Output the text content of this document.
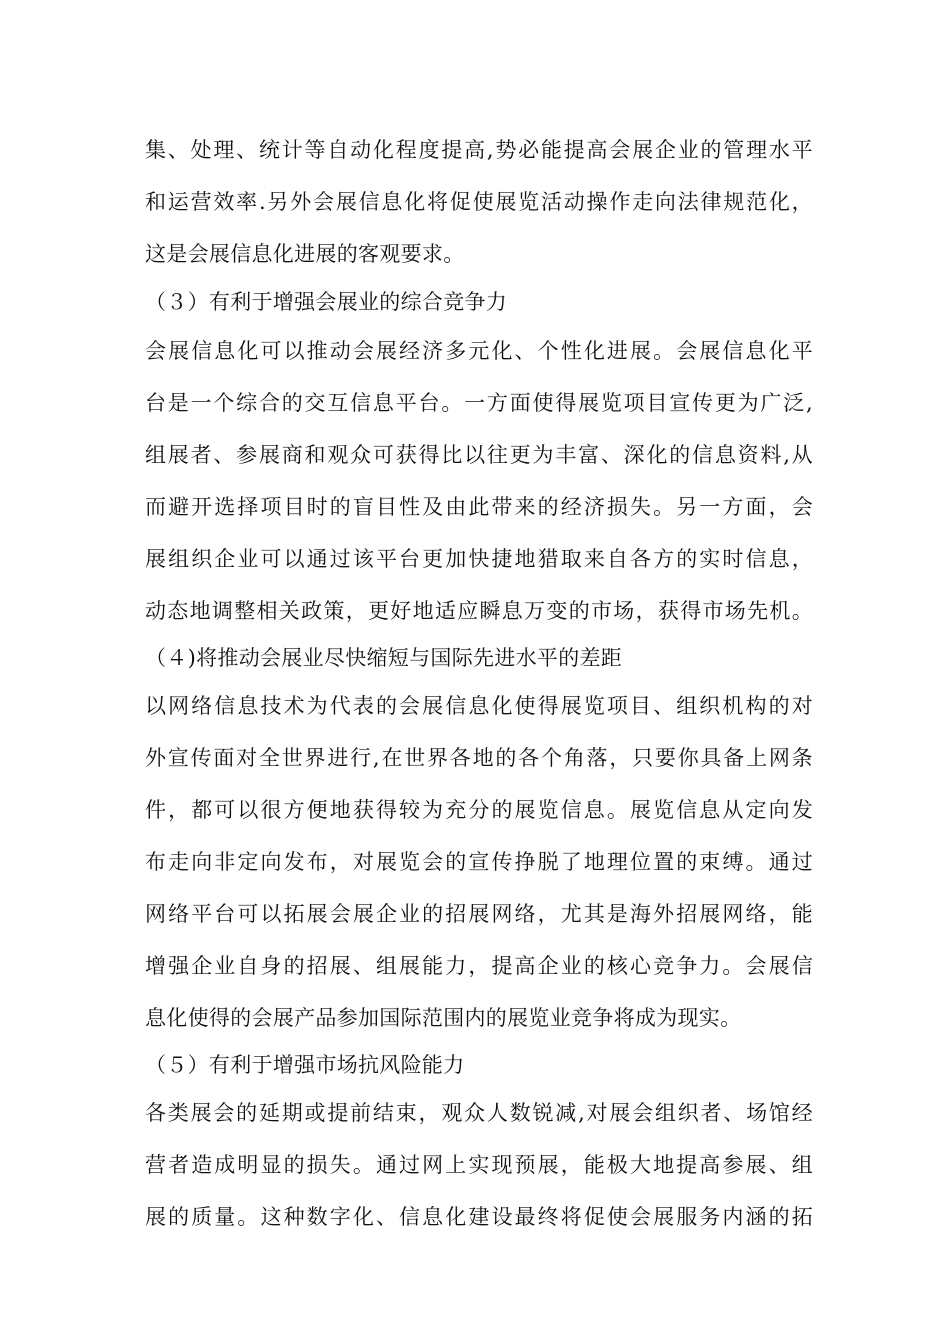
集、处理、统计等自动化程度提高,势必能提高会展企业的管理水平
和运营效率.另外会展信息化将促使展览活动操作走向法律规范化，
这是会展信息化进展的客观要求。
（３）有利于增强会展业的综合竞争力
会展信息化可以推动会展经济多元化、个性化进展。会展信息化平
台是一个综合的交互信息平台。一方面使得展览项目宣传更为广泛,
组展者、参展商和观众可获得比以往更为丰富、深化的信息资料,从
而避开选择项目时的盲目性及由此带来的经济损失。另一方面，会
展组织企业可以通过该平台更加快捷地猎取来自各方的实时信息，
动态地调整相关政策，更好地适应瞬息万变的市场，获得市场先机。
（４)将推动会展业尽快缩短与国际先进水平的差距
以网络信息技术为代表的会展信息化使得展览项目、组织机构的对
外宣传面对全世界进行,在世界各地的各个角落，只要你具备上网条
件，都可以很方便地获得较为充分的展览信息。展览信息从定向发
布走向非定向发布，对展览会的宣传挣脱了地理位置的束缚。通过
网络平台可以拓展会展企业的招展网络，尤其是海外招展网络，能
增强企业自身的招展、组展能力，提高企业的核心竞争力。会展信
息化使得的会展产品参加国际范围内的展览业竞争将成为现实。
（５）有利于增强市场抗风险能力
各类展会的延期或提前结束，观众人数锐减,对展会组织者、场馆经
营者造成明显的损失。通过网上实现预展，能极大地提高参展、组
展的质量。这种数字化、信息化建设最终将促使会展服务内涵的拓
